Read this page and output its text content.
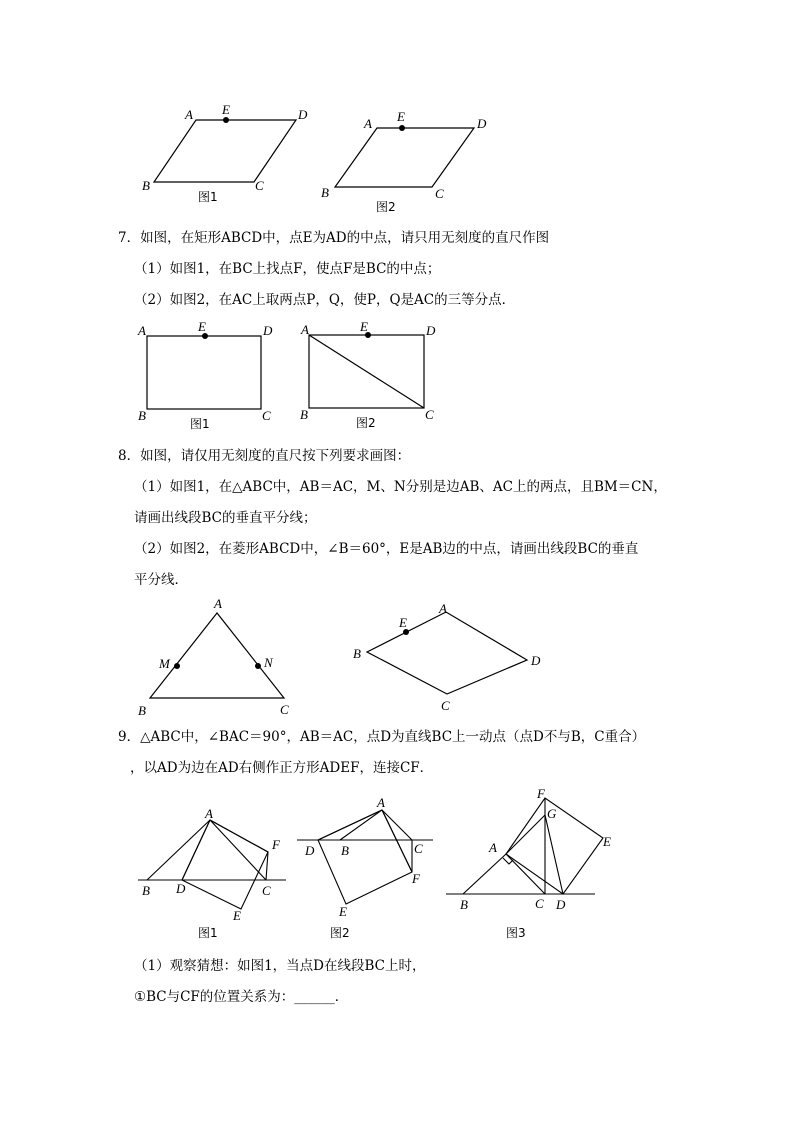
A E	D
B	C
图1
A E	D
B	C
图2
A	E	D
B	C
图1
A	E	D
B	C
图2
A
M	N
B	C
A
E
B	D
C
A
F
B D	C
E
图1
A
D B	C
F
E
图2
F
G
A	E
B	C D
图3
7．如图，在矩形ABCD中，点E为AD的中点，请只用无刻度的直尺作图
（1）如图1，在BC上找点F，使点F是BC的中点；
（2）如图2，在AC上取两点P，Q，使P，Q是AC的三等分点．
8．如图，请仅用无刻度的直尺按下列要求画图：
（1）如图1，在△ABC中，AB＝AC，M、N分别是边AB、AC上的两点，且BM＝CN，
请画出线段BC的垂直平分线；
（2）如图2，在菱形ABCD中，∠B＝60°，E是AB边的中点，请画出线段BC的垂直
平分线．
9．△ABC中，∠BAC＝90°，AB＝AC，点D为直线BC上一动点（点D不与B，C重合）
，以AD为边在AD右侧作正方形ADEF，连接CF．
（1）观察猜想：如图1，当点D在线段BC上时，
①BC与CF的位置关系为：______．
